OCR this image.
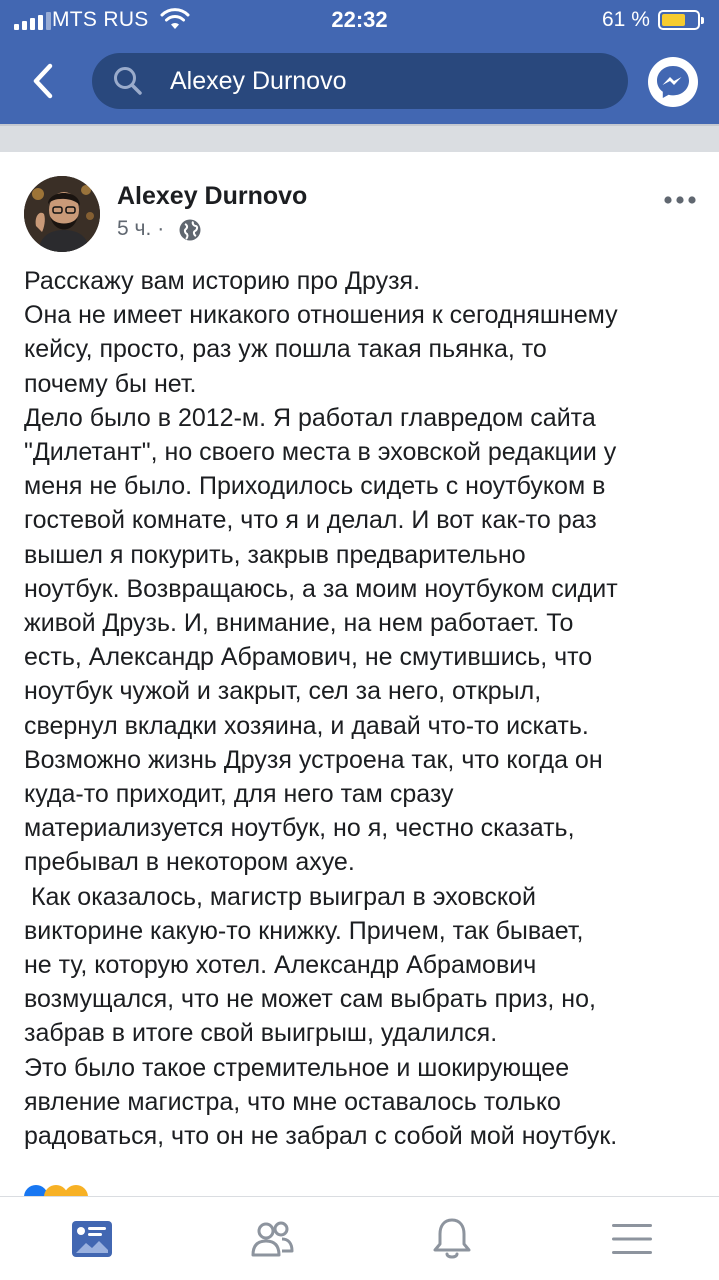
MTS RUS	22:32	61 %
Alexey Durnovo
Alexey Durnovo
5 ч. ·

Расскажу вам историю про Друзя.

Она не имеет никакого отношения к сегодняшнему

кейсу, просто, раз уж пошла такая пьянка, то

почему бы нет.

Дело было в 2012-м. Я работал главредом сайта

"Дилетант", но своего места в эховской редакции у

меня не было. Приходилось сидеть с ноутбуком в

гостевой комнате, что я и делал. И вот как-то раз

вышел я покурить, закрыв предварительно

ноутбук. Возвращаюсь, а за моим ноутбуком сидит

живой Друзь. И, внимание, на нем работает. То

есть, Александр Абрамович, не смутившись, что

ноутбук чужой и закрыт, сел за него, открыл,

свернул вкладки хозяина, и давай что-то искать.

Возможно жизнь Друзя устроена так, что когда он

куда-то приходит, для него там сразу

материализуется ноутбук, но я, честно сказать,

пребывал в некотором ахуе.

Как оказалось, магистр выиграл в эховской

викторине какую-то книжку. Причем, так бывает,

не ту, которую хотел. Александр Абрамович

возмущался, что не может сам выбрать приз, но,

забрав в итоге свой выигрыш, удалился.

Это было такое стремительное и шокирующее

явление магистра, что мне оставалось только

радоваться, что он не забрал с собой мой ноутбук.
